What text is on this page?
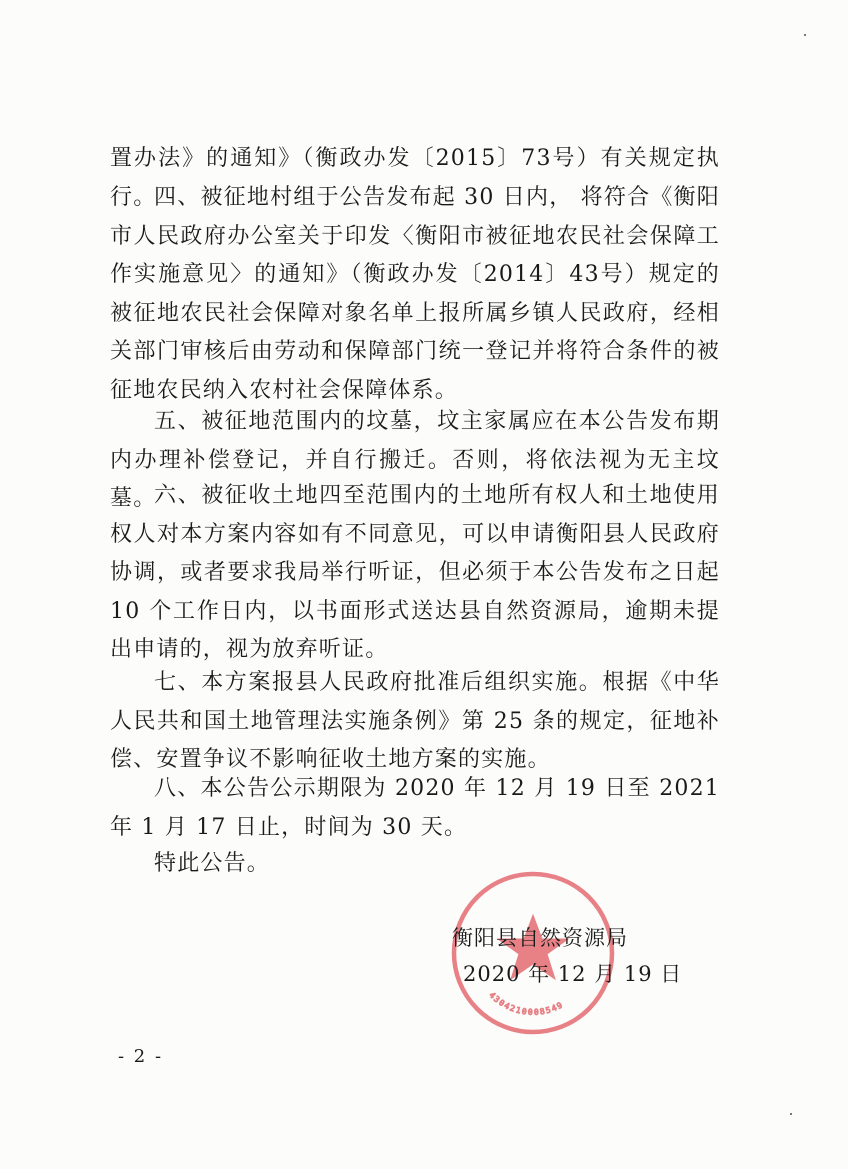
置办法》的通知》（衡政办发〔2015〕73号）有关规定执行。

四、被征地村组于公告发布起 30 日内， 将符合《衡阳市人民政府办公室关于印发〈衡阳市被征地农民社会保障工作实施意见〉的通知》（衡政办发〔2014〕43号）规定的被征地农民社会保障对象名单上报所属乡镇人民政府，经相关部门审核后由劳动和保障部门统一登记并将符合条件的被征地农民纳入农村社会保障体系。

五、被征地范围内的坟墓，坟主家属应在本公告发布期内办理补偿登记，并自行搬迁。否则，将依法视为无主坟墓。

六、被征收土地四至范围内的土地所有权人和土地使用权人对本方案内容如有不同意见，可以申请衡阳县人民政府协调，或者要求我局举行听证，但必须于本公告发布之日起 10 个工作日内，以书面形式送达县自然资源局，逾期未提出申请的，视为放弃听证。

七、本方案报县人民政府批准后组织实施。根据《中华人民共和国土地管理法实施条例》第 25 条的规定，征地补偿、安置争议不影响征收土地方案的实施。

八、本公告公示期限为 2020 年 12 月 19 日至 2021 年 1 月 17 日止，时间为 30 天。

特此公告。

4304210008549
衡阳县自然资源局
2020 年 12 月 19 日
- 2 -
